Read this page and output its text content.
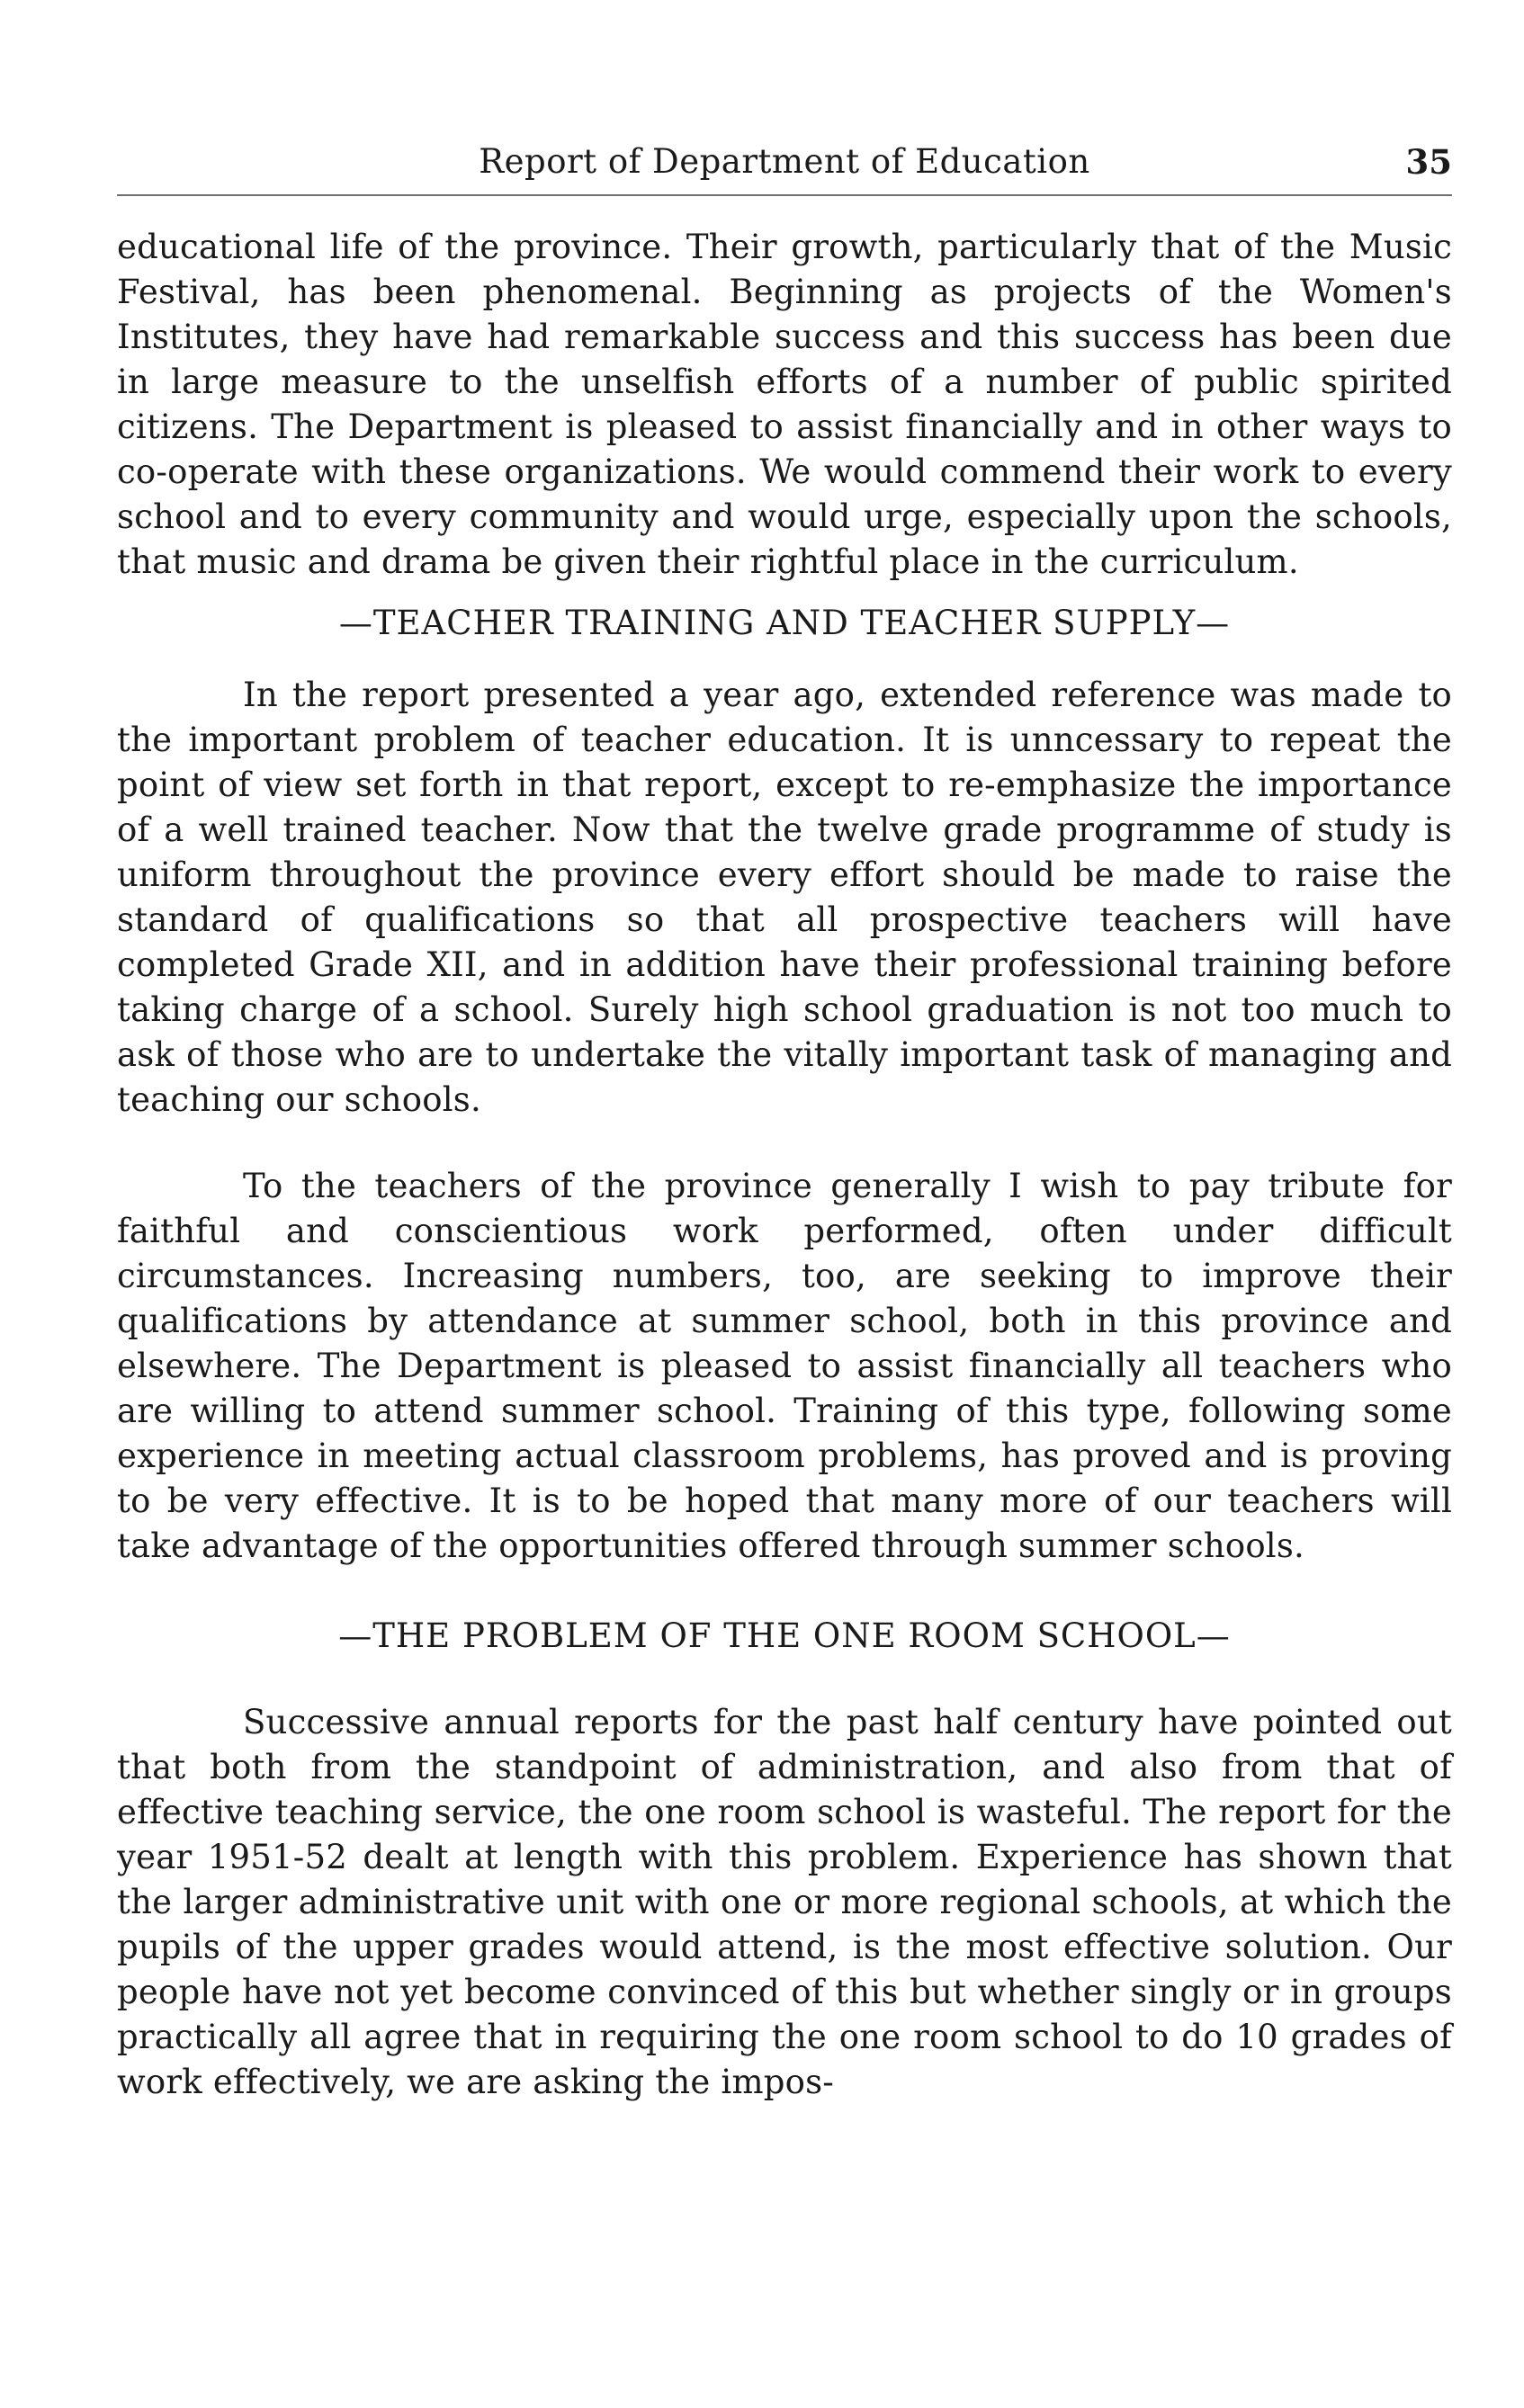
Report of Department of Education	35

educational life of the province. Their growth, particularly that of the Music Festival, has been phenomenal. Beginning as projects of the Women's Institutes, they have had remarkable success and this success has been due in large measure to the unselfish efforts of a number of public spirited citizens. The Department is pleased to assist financially and in other ways to co-operate with these organizations. We would commend their work to every school and to every community and would urge, especially upon the schools, that music and drama be given their rightful place in the curriculum.

—TEACHER TRAINING AND TEACHER SUPPLY—

In the report presented a year ago, extended reference was made to the important problem of teacher education. It is unncessary to repeat the point of view set forth in that report, except to re-emphasize the importance of a well trained teacher. Now that the twelve grade programme of study is uniform throughout the province every effort should be made to raise the standard of qualifications so that all prospective teachers will have completed Grade XII, and in addition have their professional training before taking charge of a school. Surely high school graduation is not too much to ask of those who are to undertake the vitally important task of managing and teaching our schools.

To the teachers of the province generally I wish to pay tribute for faithful and conscientious work performed, often under difficult circumstances. Increasing numbers, too, are seeking to improve their qualifications by attendance at summer school, both in this province and elsewhere. The Department is pleased to assist financially all teachers who are willing to attend summer school. Training of this type, following some experience in meeting actual classroom problems, has proved and is proving to be very effective. It is to be hoped that many more of our teachers will take advantage of the opportunities offered through summer schools.

—THE PROBLEM OF THE ONE ROOM SCHOOL—

Successive annual reports for the past half century have pointed out that both from the standpoint of administration, and also from that of effective teaching service, the one room school is wasteful. The report for the year 1951-52 dealt at length with this problem. Experience has shown that the larger administrative unit with one or more regional schools, at which the pupils of the upper grades would attend, is the most effective solution. Our people have not yet become convinced of this but whether singly or in groups practically all agree that in requiring the one room school to do 10 grades of work effectively, we are asking the impos-
